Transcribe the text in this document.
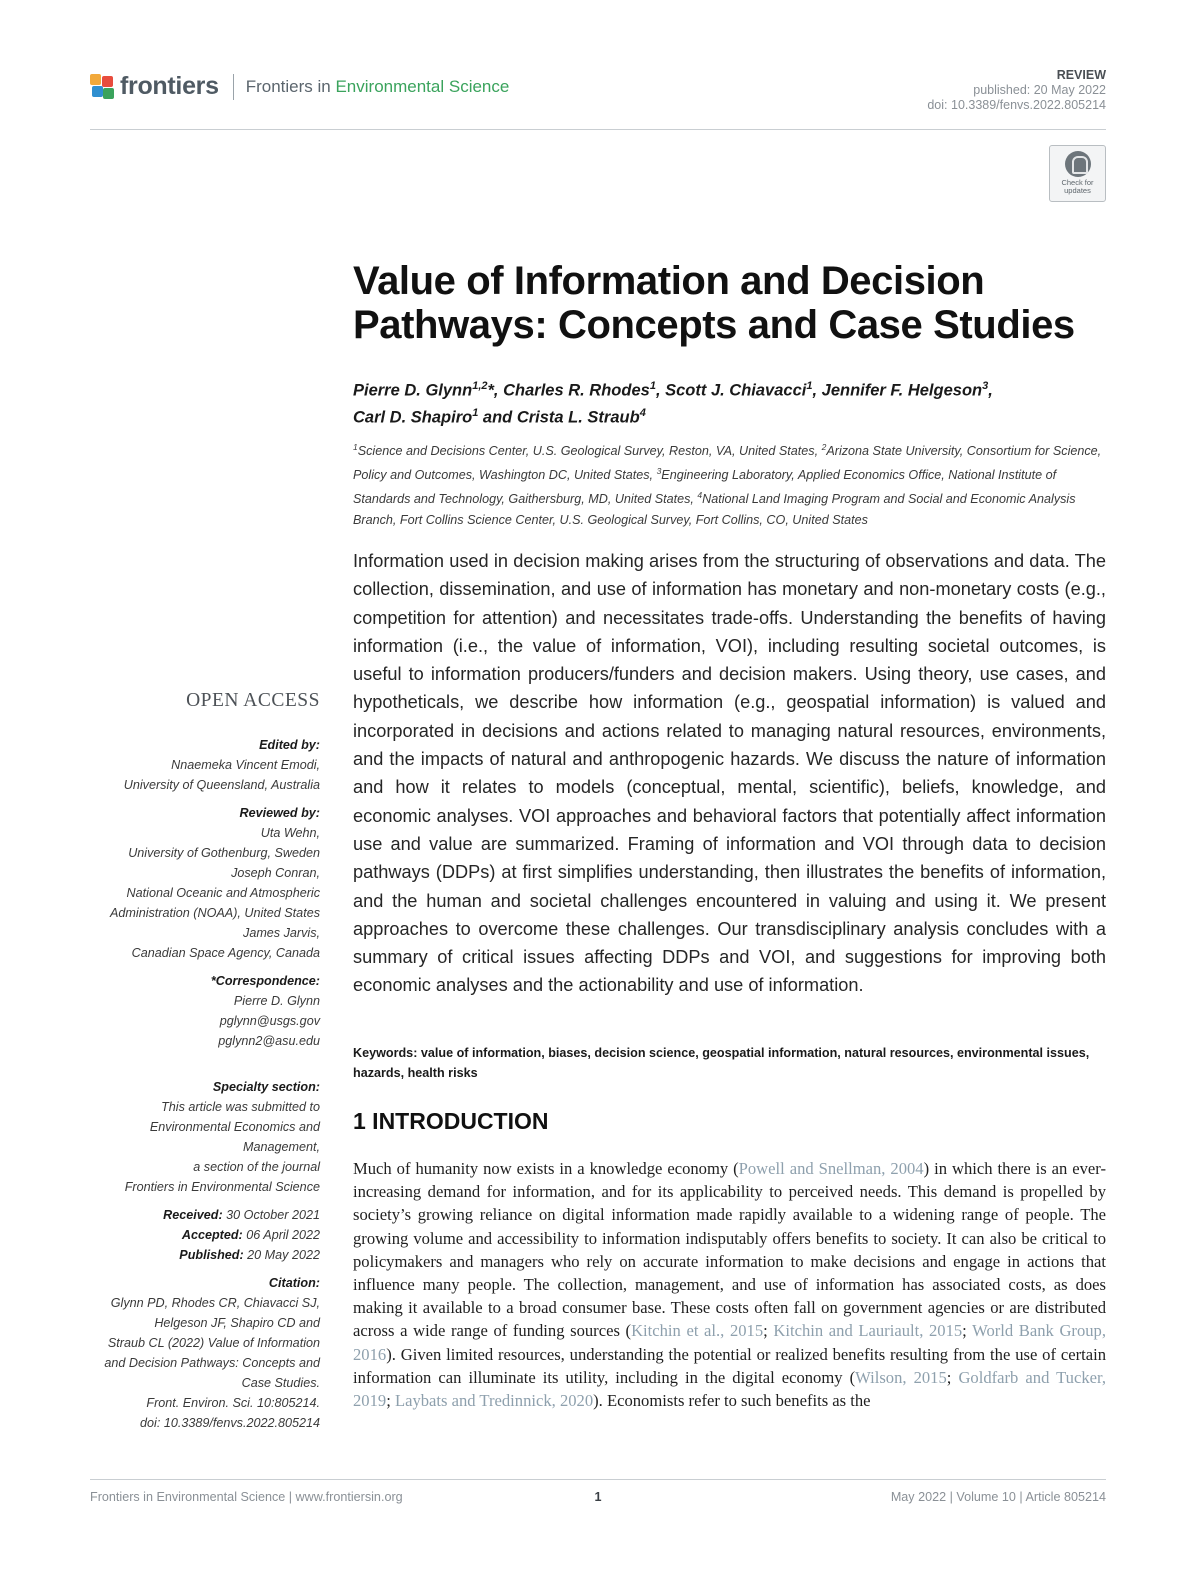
frontiers Frontiers in Environmental Science
REVIEW
published: 20 May 2022
doi: 10.3389/fenvs.2022.805214
Check for
updates
Value of Information and Decision
Pathways: Concepts and Case Studies
Pierre D. Glynn$^{1,2}$*, Charles R. Rhodes$^1$, Scott J. Chiavacci$^1$, Jennifer F. Helgeson$^3$,
Carl D. Shapiro$^1$ and Crista L. Straub$^4$
$^1$Science and Decisions Center, U.S. Geological Survey, Reston, VA, United States, $^2$Arizona State University, Consortium for Science, Policy and Outcomes, Washington DC, United States, $^3$Engineering Laboratory, Applied Economics Office, National Institute of Standards and Technology, Gaithersburg, MD, United States, $^4$National Land Imaging Program and Social and Economic Analysis Branch, Fort Collins Science Center, U.S. Geological Survey, Fort Collins, CO, United States
Information used in decision making arises from the structuring of observations and data. The collection, dissemination, and use of information has monetary and non-monetary costs (e.g., competition for attention) and necessitates trade-offs. Understanding the benefits of having information (i.e., the value of information, VOI), including resulting societal outcomes, is useful to information producers/funders and decision makers. Using theory, use cases, and hypotheticals, we describe how information (e.g., geospatial information) is valued and incorporated in decisions and actions related to managing natural resources, environments, and the impacts of natural and anthropogenic hazards. We discuss the nature of information and how it relates to models (conceptual, mental, scientific), beliefs, knowledge, and economic analyses. VOI approaches and behavioral factors that potentially affect information use and value are summarized. Framing of information and VOI through data to decision pathways (DDPs) at first simplifies understanding, then illustrates the benefits of information, and the human and societal challenges encountered in valuing and using it. We present approaches to overcome these challenges. Our transdisciplinary analysis concludes with a summary of critical issues affecting DDPs and VOI, and suggestions for improving both economic analyses and the actionability and use of information.
Keywords: value of information, biases, decision science, geospatial information, natural resources, environmental issues, hazards, health risks
1 INTRODUCTION
Much of humanity now exists in a knowledge economy (Powell and Snellman, 2004) in which there is an ever-increasing demand for information, and for its applicability to perceived needs. This demand is propelled by society’s growing reliance on digital information made rapidly available to a widening range of people. The growing volume and accessibility to information indisputably offers benefits to society. It can also be critical to policymakers and managers who rely on accurate information to make decisions and engage in actions that influence many people. The collection, management, and use of information has associated costs, as does making it available to a broad consumer base. These costs often fall on government agencies or are distributed across a wide range of funding sources (Kitchin et al., 2015; Kitchin and Lauriault, 2015; World Bank Group, 2016). Given limited resources, understanding the potential or realized benefits resulting from the use of certain information can illuminate its utility, including in the digital economy (Wilson, 2015; Goldfarb and Tucker, 2019; Laybats and Tredinnick, 2020). Economists refer to such benefits as the
OPEN ACCESS
Edited by:
Nnaemeka Vincent Emodi,
University of Queensland, Australia
Reviewed by:
Uta Wehn,
University of Gothenburg, Sweden
Joseph Conran,
National Oceanic and Atmospheric
Administration (NOAA), United States
James Jarvis,
Canadian Space Agency, Canada
*Correspondence:
Pierre D. Glynn
pglynn@usgs.gov
pglynn2@asu.edu
Specialty section:
This article was submitted to
Environmental Economics and
Management,
a section of the journal
Frontiers in Environmental Science
Received: 30 October 2021
Accepted: 06 April 2022
Published: 20 May 2022
Citation:
Glynn PD, Rhodes CR, Chiavacci SJ,
Helgeson JF, Shapiro CD and
Straub CL (2022) Value of Information
and Decision Pathways: Concepts and
Case Studies.
Front. Environ. Sci. 10:805214.
doi: 10.3389/fenvs.2022.805214
Frontiers in Environmental Science | www.frontiersin.org	1	May 2022 | Volume 10 | Article 805214
